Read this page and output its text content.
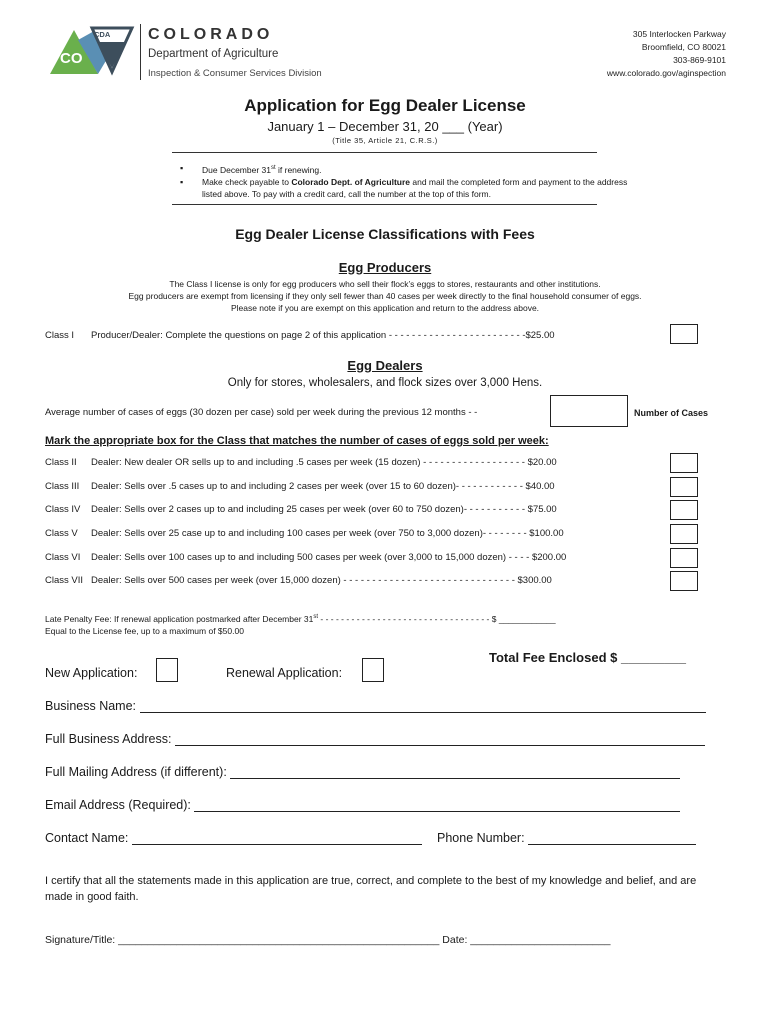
CDA
CO
COLORADO
Department of Agriculture
Inspection & Consumer Services Division
305 Interlocken Parkway
Broomfield, CO 80021
303-869-9101
www.colorado.gov/aginspection
Application for Egg Dealer License
January 1 – December 31, 20 ___ (Year)
(Title 35, Article 21, C.R.S.)
▪ Due December 31st if renewing.
▪ Make check payable to Colorado Dept. of Agriculture and mail the completed form and payment to the address listed above. To pay with a credit card, call the number at the top of this form.
Egg Dealer License Classifications with Fees
Egg Producers
The Class I license is only for egg producers who sell their flock’s eggs to stores, restaurants and other institutions.
Egg producers are exempt from licensing if they only sell fewer than 40 cases per week directly to the final household consumer of eggs.
Please note if you are exempt on this application and return to the address above.
Class I Producer/Dealer: Complete the questions on page 2 of this application - - - - - - - - - - - - - - - - - - - - - - - -$25.00
Egg Dealers
Only for stores, wholesalers, and flock sizes over 3,000 Hens.
Average number of cases of eggs (30 dozen per case) sold per week during the previous 12 months - -	Number of Cases
Mark the appropriate box for the Class that matches the number of cases of eggs sold per week:
Class II Dealer: New dealer OR sells up to and including .5 cases per week (15 dozen) - - - - - - - - - - - - - - - - - - $20.00
Class III Dealer: Sells over .5 cases up to and including 2 cases per week (over 15 to 60 dozen)- - - - - - - - - - - - $40.00
Class IV Dealer: Sells over 2 cases up to and including 25 cases per week (over 60 to 750 dozen)- - - - - - - - - - - $75.00
Class V Dealer: Sells over 25 case up to and including 100 cases per week (over 750 to 3,000 dozen)- - - - - - - - $100.00
Class VI Dealer: Sells over 100 cases up to and including 500 cases per week (over 3,000 to 15,000 dozen) - - - - $200.00
Class VII Dealer: Sells over 500 cases per week (over 15,000 dozen) - - - - - - - - - - - - - - - - - - - - - - - - - - - - - - $300.00
Late Penalty Fee: If renewal application postmarked after December 31st - - - - - - - - - - - - - - - - - - - - - - - - - - - - - - - - - $ ____________
Equal to the License fee, up to a maximum of $50.00
Total Fee Enclosed $ _________
New Application:	Renewal Application:
Business Name:
Full Business Address:
Full Mailing Address (if different):
Email Address (Required):
Contact Name:	Phone Number:
I certify that all the statements made in this application are true, correct, and complete to the best of my knowledge and belief, and are made in good faith.
Signature/Title: _______________________________________________________ Date: ________________________
